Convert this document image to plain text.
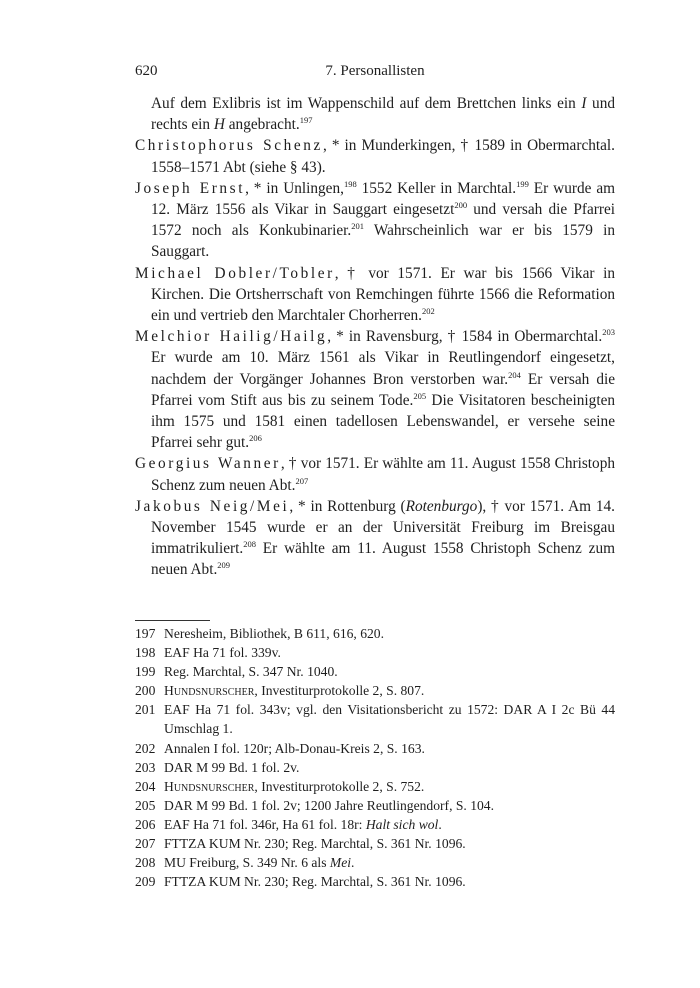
620	7. Personallisten

Auf dem Exlibris ist im Wappenschild auf dem Brettchen links ein I und rechts ein H angebracht.$^{197}$

Christophorus Schenz, * in Munderkingen, † 1589 in Obermarchtal. 1558–1571 Abt (siehe § 43).

Joseph Ernst, * in Unlingen,$^{198}$ 1552 Keller in Marchtal.$^{199}$ Er wurde am 12. März 1556 als Vikar in Sauggart eingesetzt$^{200}$ und versah die Pfarrei 1572 noch als Konkubinarier.$^{201}$ Wahrscheinlich war er bis 1579 in Sauggart.

Michael Dobler/Tobler, † vor 1571. Er war bis 1566 Vikar in Kirchen. Die Ortsherrschaft von Remchingen führte 1566 die Reformation ein und vertrieb den Marchtaler Chorherren.$^{202}$

Melchior Hailig/Hailg, * in Ravensburg, † 1584 in Obermarchtal.$^{203}$ Er wurde am 10. März 1561 als Vikar in Reutlingendorf eingesetzt, nachdem der Vorgänger Johannes Bron verstorben war.$^{204}$ Er versah die Pfarrei vom Stift aus bis zu seinem Tode.$^{205}$ Die Visitatoren bescheinigten ihm 1575 und 1581 einen tadellosen Lebenswandel, er versehe seine Pfarrei sehr gut.$^{206}$

Georgius Wanner, † vor 1571. Er wählte am 11. August 1558 Christoph Schenz zum neuen Abt.$^{207}$

Jakobus Neig/Mei, * in Rottenburg (Rotenburgo), † vor 1571. Am 14. November 1545 wurde er an der Universität Freiburg im Breisgau immatrikuliert.$^{208}$ Er wählte am 11. August 1558 Christoph Schenz zum neuen Abt.$^{209}$

197 Neresheim, Bibliothek, B 611, 616, 620.
198 EAF Ha 71 fol. 339v.
199 Reg. Marchtal, S. 347 Nr. 1040.
200 Hundsnurscher, Investiturprotokolle 2, S. 807.
201 EAF Ha 71 fol. 343v; vgl. den Visitationsbericht zu 1572: DAR A I 2c Bü 44 Umschlag 1.
202 Annalen I fol. 120r; Alb-Donau-Kreis 2, S. 163.
203 DAR M 99 Bd. 1 fol. 2v.
204 Hundsnurscher, Investiturprotokolle 2, S. 752.
205 DAR M 99 Bd. 1 fol. 2v; 1200 Jahre Reutlingendorf, S. 104.
206 EAF Ha 71 fol. 346r, Ha 61 fol. 18r: Halt sich wol.
207 FTTZA KUM Nr. 230; Reg. Marchtal, S. 361 Nr. 1096.
208 MU Freiburg, S. 349 Nr. 6 als Mei.
209 FTTZA KUM Nr. 230; Reg. Marchtal, S. 361 Nr. 1096.
